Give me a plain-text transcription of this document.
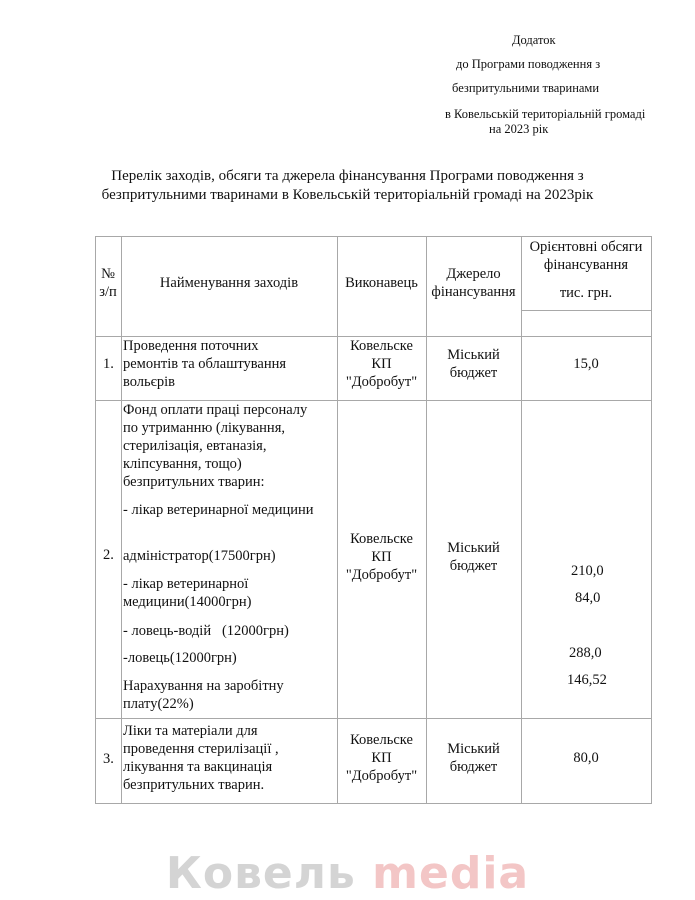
Додаток
до Програми поводження з
безпритульними тваринами
в Ковельській територіальній громаді
на 2023 рік
Перелік заходів, обсяги та джерела фінансування Програми поводження з
безпритульними тваринами в Ковельській територіальній громаді на 2023рік
№
з/п
Найменування заходів	Виконавець
Джерело
фінансування
Орієнтовні обсяги
фінансування
тис. грн.
1.
Проведення поточних
ремонтів та облаштування
вольєрів
Ковельске
КП
"Добробут"
Міський
бюджет
15,0
2.
Фонд оплати праці персоналу
по утриманню (лікування,
стерилізація, евтаназія,
кліпсування, тощо)
безпритульних тварин:
- лікар ветеринарної медицини
адміністратор(17500грн)
- лікар ветеринарної
медицини(14000грн)
- ловець-водій   (12000грн)
-ловець(12000грн)
Нарахування на заробітну
плату(22%)
Ковельске
КП
"Добробут"
Міський
бюджет	210,0
84,0
288,0
146,52
3.
Ліки та матеріали для
проведення стерилізації ,
лікування та вакцинація
безпритульних тварин.
Ковельске
КП
"Добробут"
Міський
бюджет
80,0
Ковель media
